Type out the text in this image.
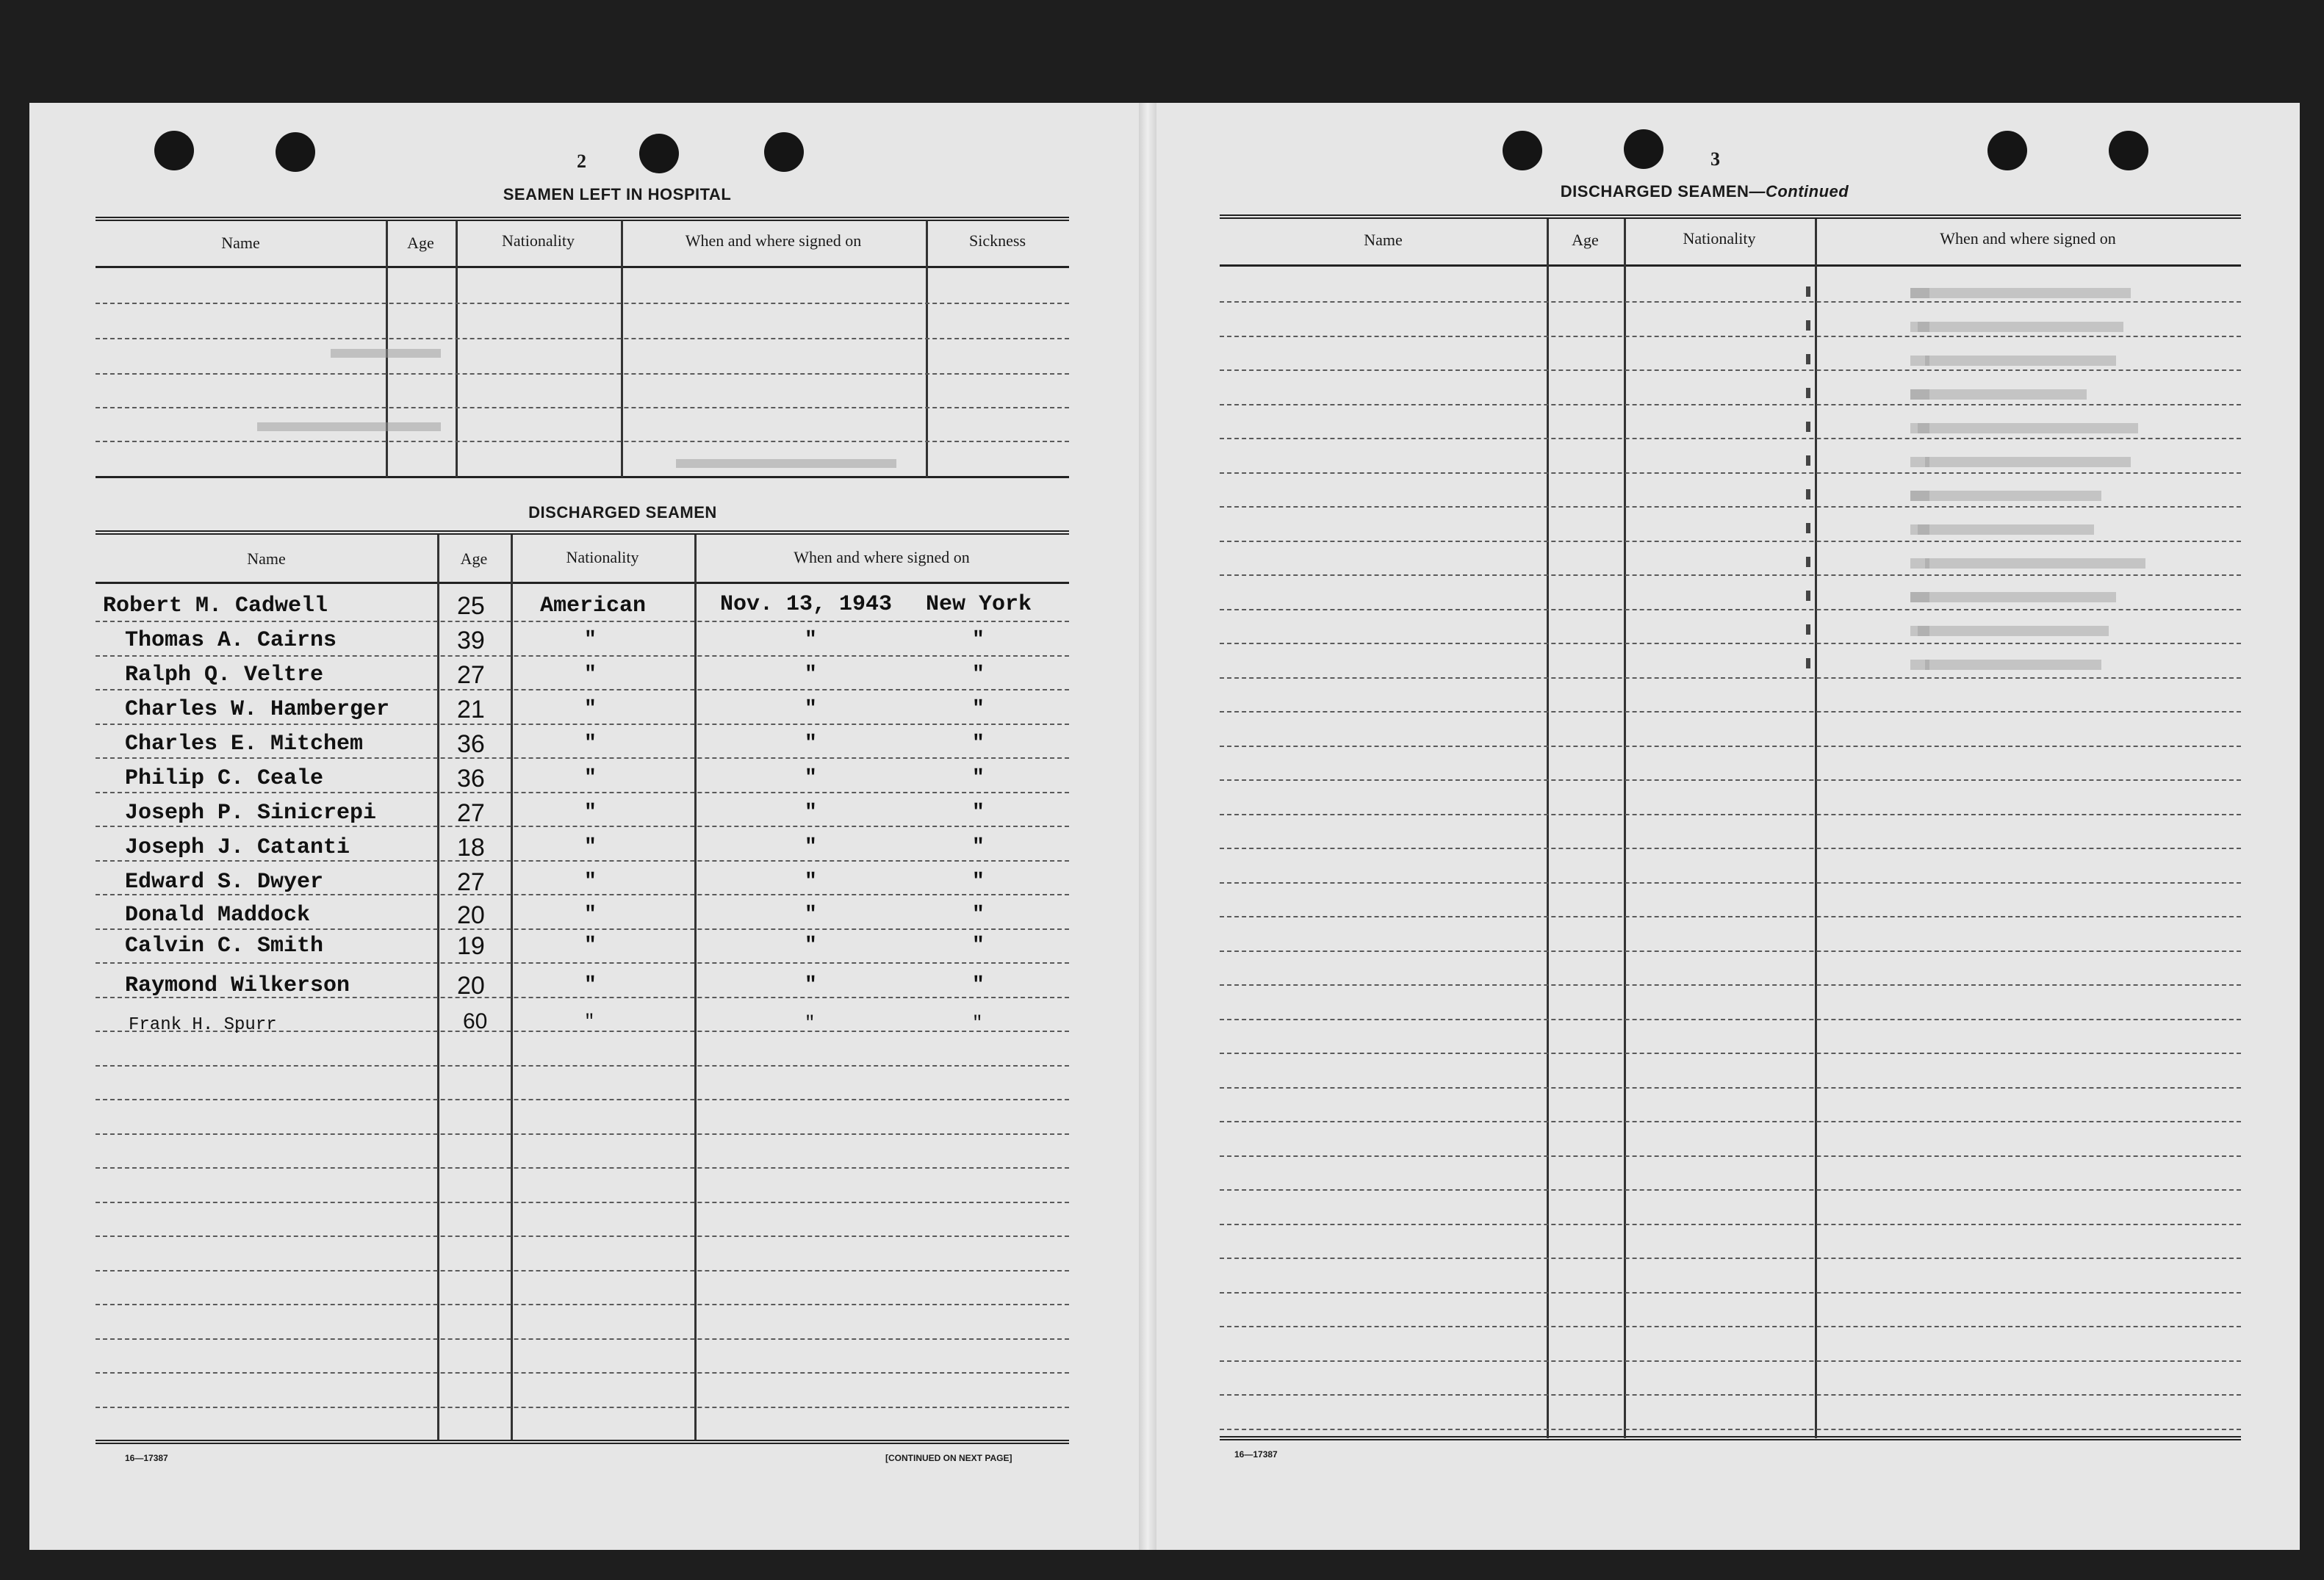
2
SEAMEN LEFT IN HOSPITAL
Name	Age	Nationality	When and where signed on	Sickness
DISCHARGED SEAMEN
Name	Age	Nationality	When and where signed on
Robert M. Cadwell	25	American	Nov. 13, 1943 New York
Thomas A. Cairns	39	"	"	"
Ralph Q. Veltre	27	"	"	"
Charles W. Hamberger	21	"	"	"
Charles E. Mitchem	36	"	"	"
Philip C. Ceale	36	"	"	"
Joseph P. Sinicrepi	27	"	"	"
Joseph J. Catanti	18	"	"	"
Edward S. Dwyer	27	"	"	"
Donald Maddock	20	"	"	"
Calvin C. Smith	19	"	"	"
Raymond Wilkerson	20	"	"	"
Frank H. Spurr	60	"	"	"
16—17387	[CONTINUED ON NEXT PAGE]
3
DISCHARGED SEAMEN—Continued
Name	Age	Nationality	When and where signed on
16—17387
